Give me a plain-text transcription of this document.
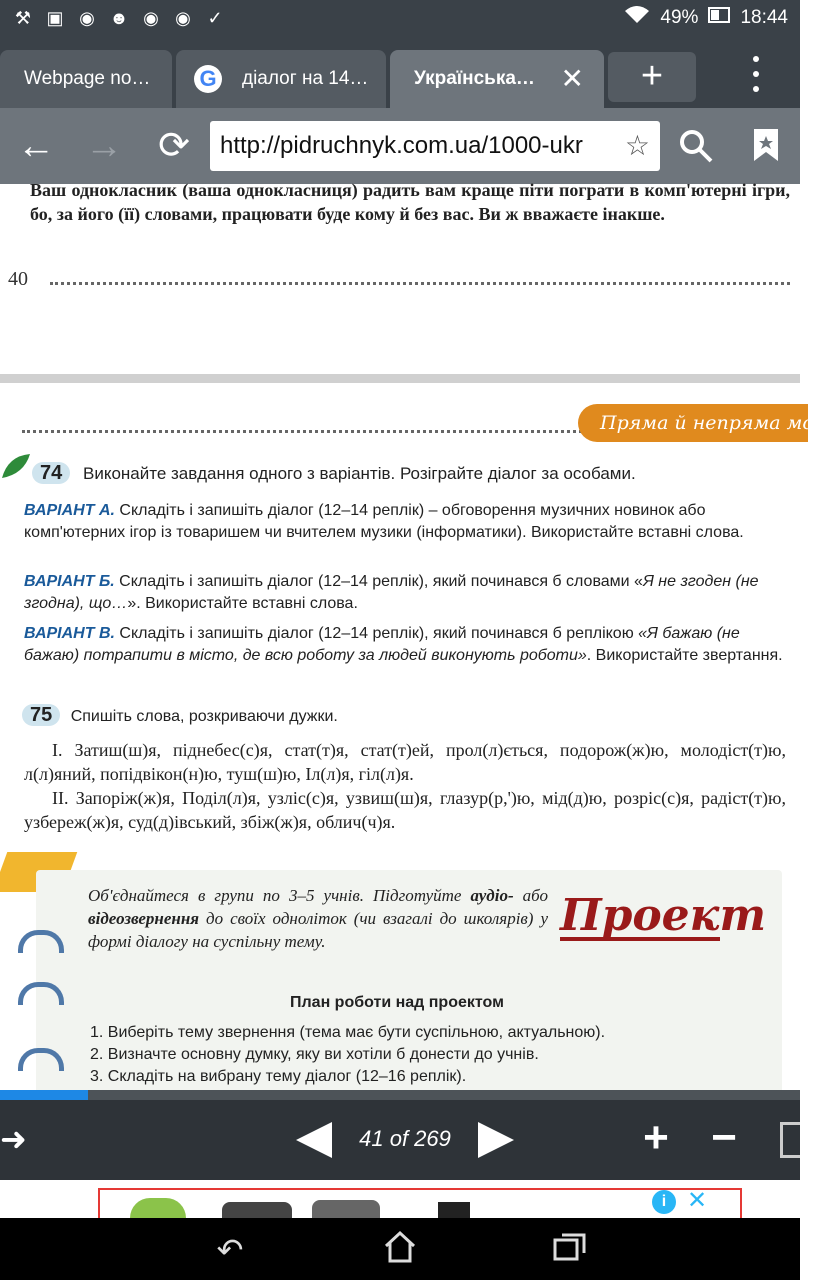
⚒ ▣ ◉ ☻ ◉ ◉ ✓	49% 18:44
Webpage no…	G діалог на 14…	Українська… ✕	+
← → ⟳	http://pidruchnyk.com.ua/1000-ukr ☆
Ваш однокласник (ваша однокласниця) радить вам краще піти пограти в комп'ютерні ігри, бо, за його (її) словами, працювати буде кому й без вас. Ви ж вважаєте інакше.
40
Пряма й непряма мова
74 Виконайте завдання одного з варіантів. Розіграйте діалог за особами.
ВАРІАНТ А. Складіть і запишіть діалог (12–14 реплік) – обговорення музичних новинок або комп'ютерних ігор із товаришем чи вчителем музики (інформатики). Використайте вставні слова.
ВАРІАНТ Б. Складіть і запишіть діалог (12–14 реплік), який починався б словами «Я не згоден (не згодна), що…». Використайте вставні слова.
ВАРІАНТ В. Складіть і запишіть діалог (12–14 реплік), який починався б реплікою «Я бажаю (не бажаю) потрапити в місто, де всю роботу за людей виконують роботи». Використайте звертання.
75 Спишіть слова, розкриваючи дужки.
I. Затиш(ш)я, піднебес(с)я, стат(т)я, стат(т)ей, прол(л)ється, подорож(ж)ю, молодіст(т)ю, л(л)яний, попідвікон(н)ю, туш(ш)ю, Іл(л)я, гіл(л)я.
II. Запоріж(ж)я, Поділ(л)я, узліс(с)я, узвиш(ш)я, глазур(р,')ю, мід(д)ю, розріс(с)я, радіст(т)ю, узбереж(ж)я, суд(д)івський, збіж(ж)я, облич(ч)я.
Об'єднайтеся в групи по 3–5 учнів. Підготуйте аудіо- або відеозвернення до своїх одноліток (чи взагалі до школярів) у формі діалогу на суспільну тему.
Проект
План роботи над проектом
1. Виберіть тему звернення (тема має бути суспільною, актуальною).
2. Визначте основну думку, яку ви хотіли б донести до учнів.
3. Складіть на вибрану тему діалог (12–16 реплік).
➜	41 of 269	+ −
i ✕
↶
